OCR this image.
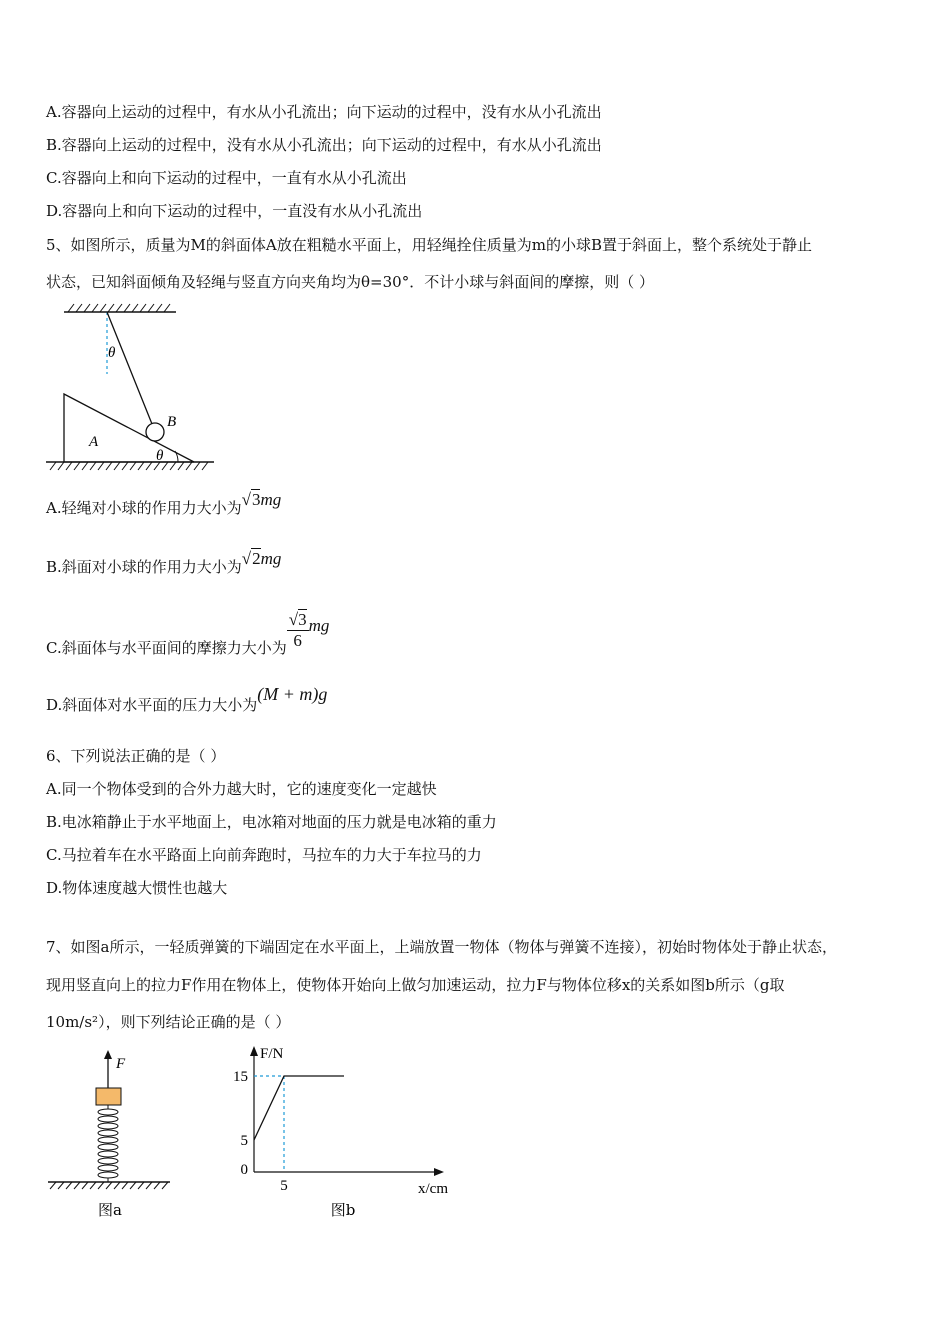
A.容器向上运动的过程中，有水从小孔流出；向下运动的过程中，没有水从小孔流出
B.容器向上运动的过程中，没有水从小孔流出；向下运动的过程中，有水从小孔流出
C.容器向上和向下运动的过程中，一直有水从小孔流出
D.容器向上和向下运动的过程中，一直没有水从小孔流出
5、如图所示，质量为M的斜面体A放在粗糙水平面上，用轻绳拴住质量为m的小球B置于斜面上，整个系统处于静止
状态，已知斜面倾角及轻绳与竖直方向夹角均为θ=30°．不计小球与斜面间的摩擦，则（ ）
θ
B
A
θ
A.轻绳对小球的作用力大小为√3mg
B.斜面对小球的作用力大小为√2mg
C.斜面体与水平面间的摩擦力大小为 $\frac{√3}{6}$ mg
D.斜面体对水平面的压力大小为(M + m)g
6、下列说法正确的是（ ）
A.同一个物体受到的合外力越大时，它的速度变化一定越快
B.电冰箱静止于水平地面上，电冰箱对地面的压力就是电冰箱的重力
C.马拉着车在水平路面上向前奔跑时，马拉车的力大于车拉马的力
D.物体速度越大惯性也越大
7、如图a所示，一轻质弹簧的下端固定在水平面上，上端放置一物体（物体与弹簧不连接），初始时物体处于静止状态，
现用竖直向上的拉力F作用在物体上，使物体开始向上做匀加速运动，拉力F与物体位移x的关系如图b所示（g取
10m/s²），则下列结论正确的是（ ）
F
图a
F/N
x/cm
图b
0
5
15
5
